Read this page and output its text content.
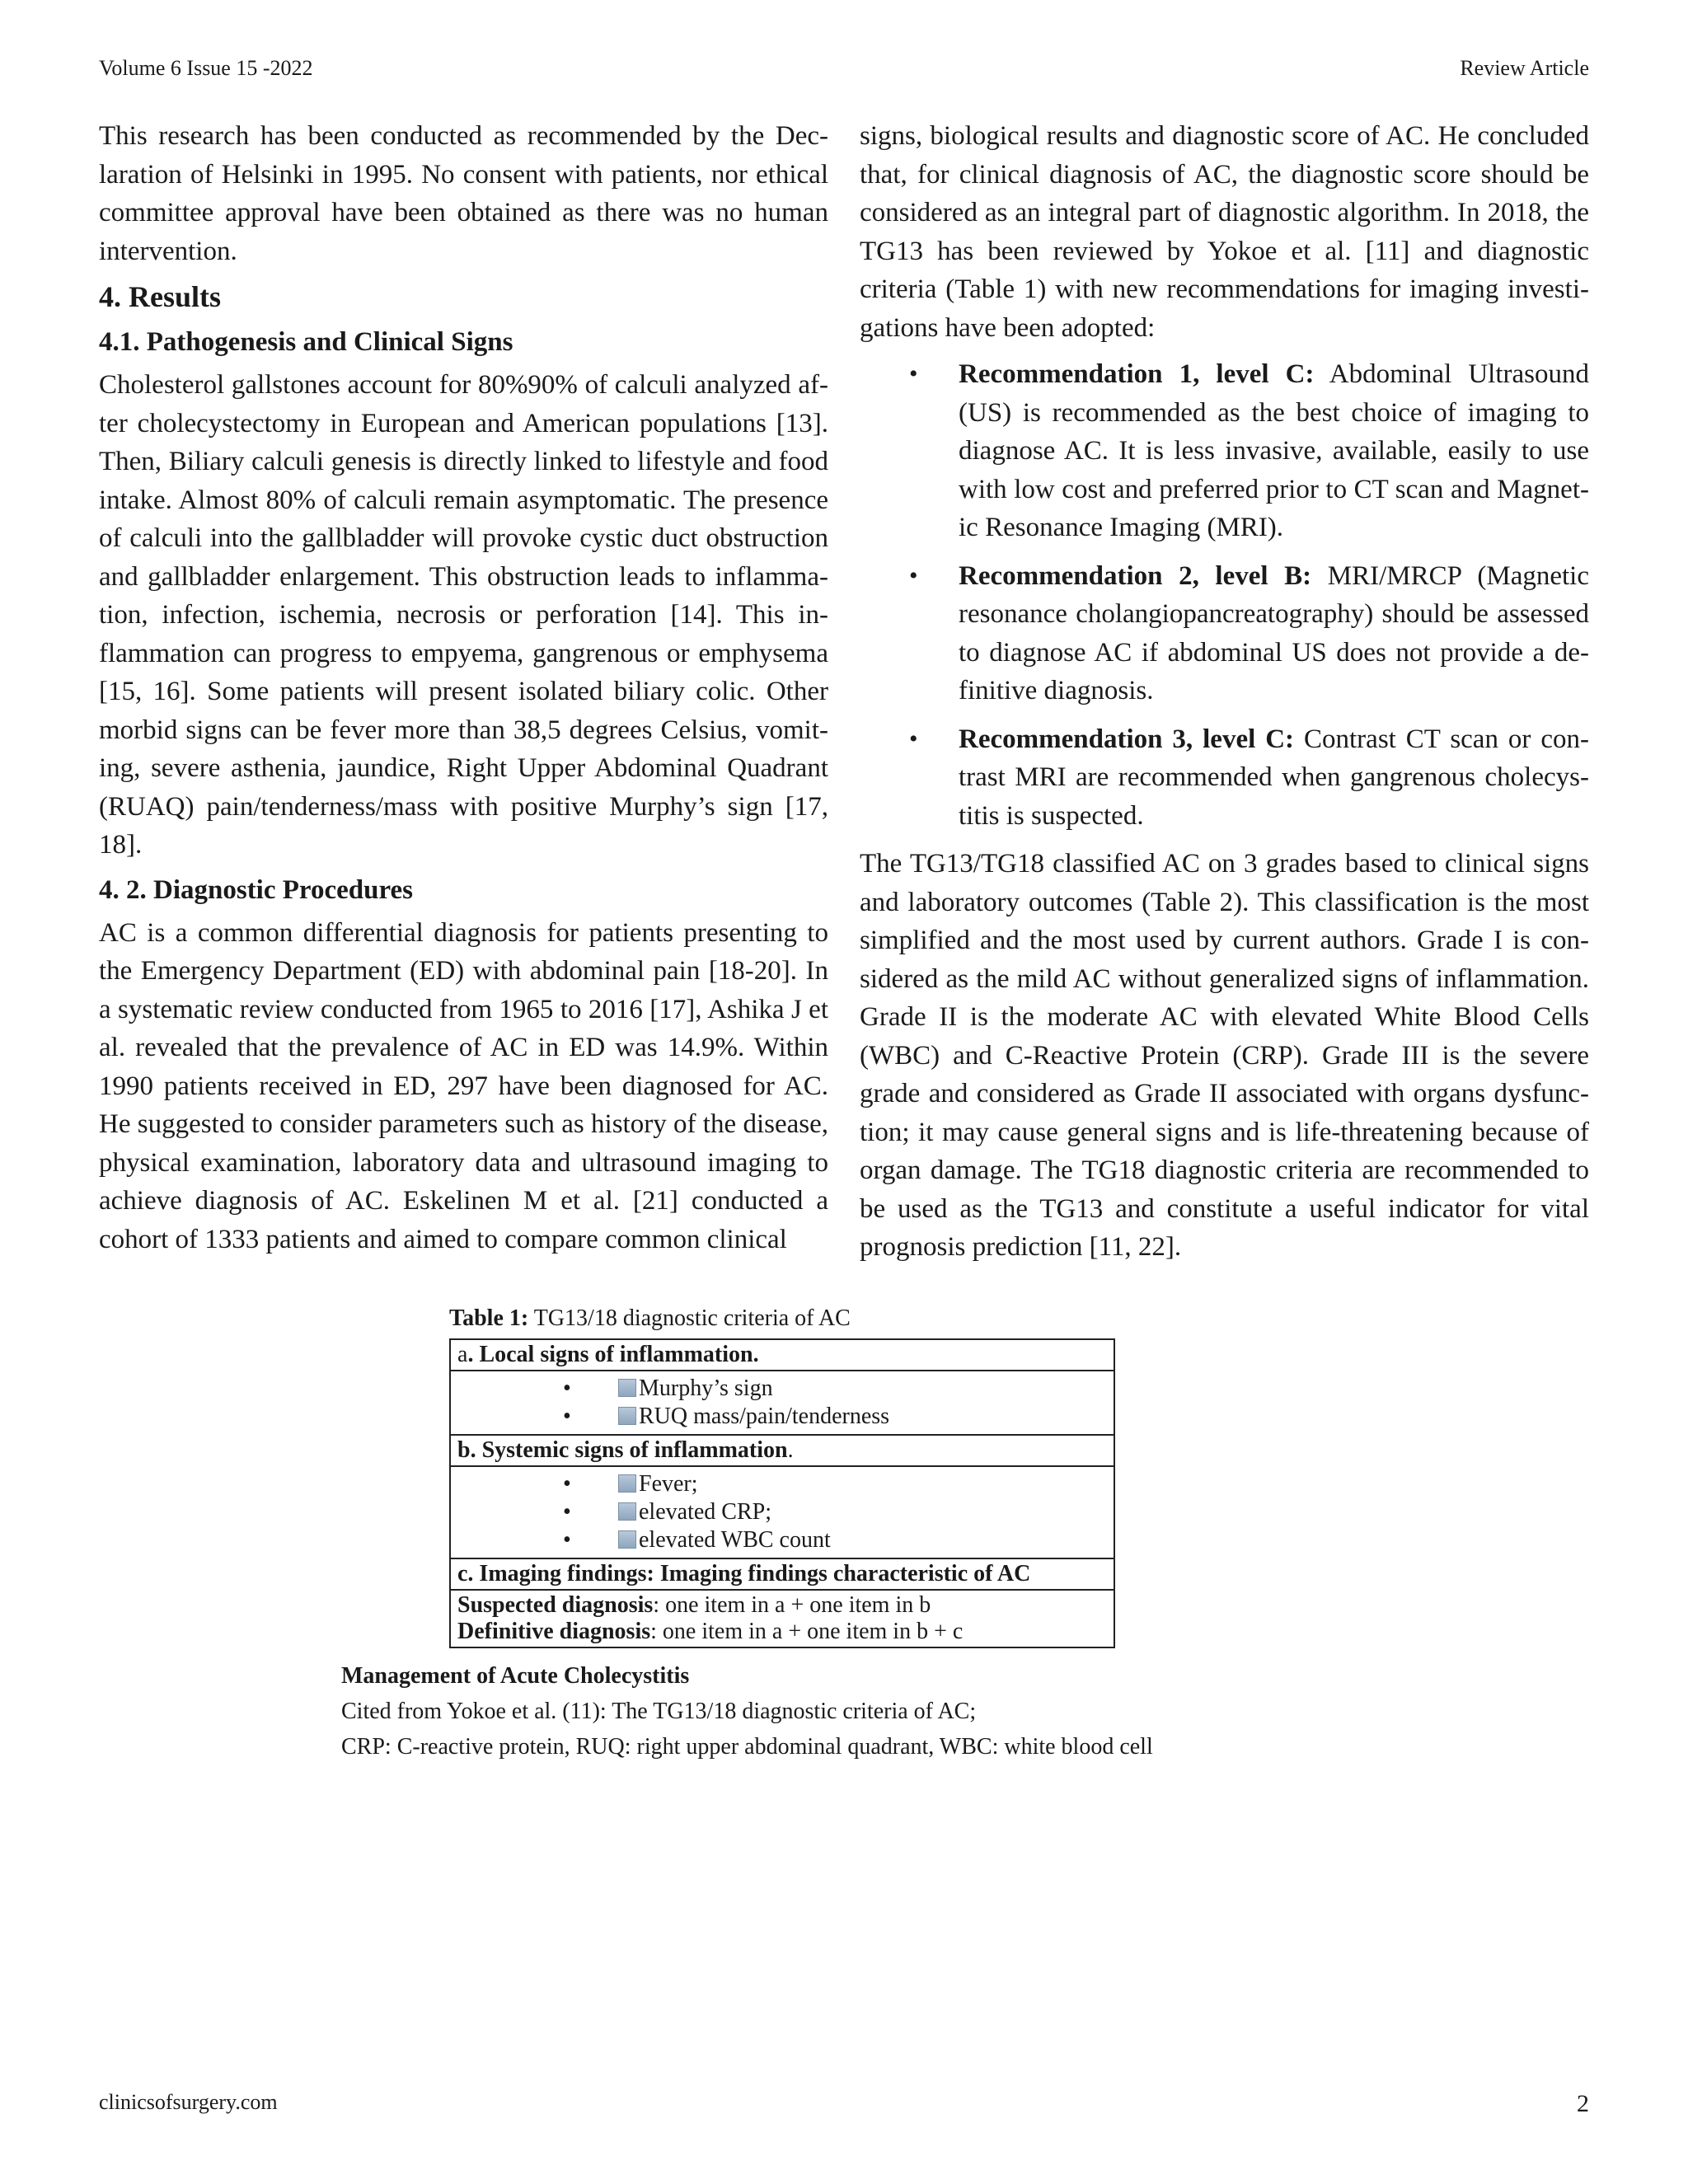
Volume 6 Issue 15 -2022	Review Article

This research has been conducted as recommended by the Declaration of Helsinki in 1995. No consent with patients, nor ethical committee approval have been obtained as there was no human intervention.

4. Results
4.1. Pathogenesis and Clinical Signs

Cholesterol gallstones account for 80%90% of calculi analyzed after cholecystectomy in European and American populations [13]. Then, Biliary calculi genesis is directly linked to lifestyle and food intake. Almost 80% of calculi remain asymptomatic. The presence of calculi into the gallbladder will provoke cystic duct obstruction and gallbladder enlargement. This obstruction leads to inflammation, infection, ischemia, necrosis or perforation [14]. This inflammation can progress to empyema, gangrenous or emphysema [15, 16]. Some patients will present isolated biliary colic. Other morbid signs can be fever more than 38,5 degrees Celsius, vomiting, severe asthenia, jaundice, Right Upper Abdominal Quadrant (RUAQ) pain/tenderness/mass with positive Murphy’s sign [17, 18].

4. 2. Diagnostic Procedures

AC is a common differential diagnosis for patients presenting to the Emergency Department (ED) with abdominal pain [18-20]. In a systematic review conducted from 1965 to 2016 [17], Ashika J et al. revealed that the prevalence of AC in ED was 14.9%. Within 1990 patients received in ED, 297 have been diagnosed for AC. He suggested to consider parameters such as history of the disease, physical examination, laboratory data and ultrasound imaging to achieve diagnosis of AC. Eskelinen M et al. [21] conducted a cohort of 1333 patients and aimed to compare common clinical

signs, biological results and diagnostic score of AC. He concluded that, for clinical diagnosis of AC, the diagnostic score should be considered as an integral part of diagnostic algorithm. In 2018, the TG13 has been reviewed by Yokoe et al. [11] and diagnostic criteria (Table 1) with new recommendations for imaging investigations have been adopted:

• Recommendation 1, level C: Abdominal Ultrasound (US) is recommended as the best choice of imaging to diagnose AC. It is less invasive, available, easily to use with low cost and preferred prior to CT scan and Magnetic Resonance Imaging (MRI).
• Recommendation 2, level B: MRI/MRCP (Magnetic resonance cholangiopancreatography) should be assessed to diagnose AC if abdominal US does not provide a definitive diagnosis.
• Recommendation 3, level C: Contrast CT scan or contrast MRI are recommended when gangrenous cholecystitis is suspected.

The TG13/TG18 classified AC on 3 grades based to clinical signs and laboratory outcomes (Table 2). This classification is the most simplified and the most used by current authors. Grade I is considered as the mild AC without generalized signs of inflammation. Grade II is the moderate AC with elevated White Blood Cells (WBC) and C-Reactive Protein (CRP). Grade III is the severe grade and considered as Grade II associated with organs dysfunction; it may cause general signs and is life-threatening because of organ damage. The TG18 diagnostic criteria are recommended to be used as the TG13 and constitute a useful indicator for vital prognosis prediction [11, 22].

Table 1: TG13/18 diagnostic criteria of AC
a. Local signs of inflammation.

•	Murphy’s sign
•	RUQ mass/pain/tenderness

b. Systemic signs of inflammation.

•	Fever;
•	elevated CRP;
•	elevated WBC count

c. Imaging findings: Imaging findings characteristic of AC

Suspected diagnosis: one item in a + one item in b
Definitive diagnosis: one item in a + one item in b + c
Management of Acute Cholecystitis
Cited from Yokoe et al. (11): The TG13/18 diagnostic criteria of AC;
CRP: C-reactive protein, RUQ: right upper abdominal quadrant, WBC: white blood cell
clinicsofsurgery.com	2
